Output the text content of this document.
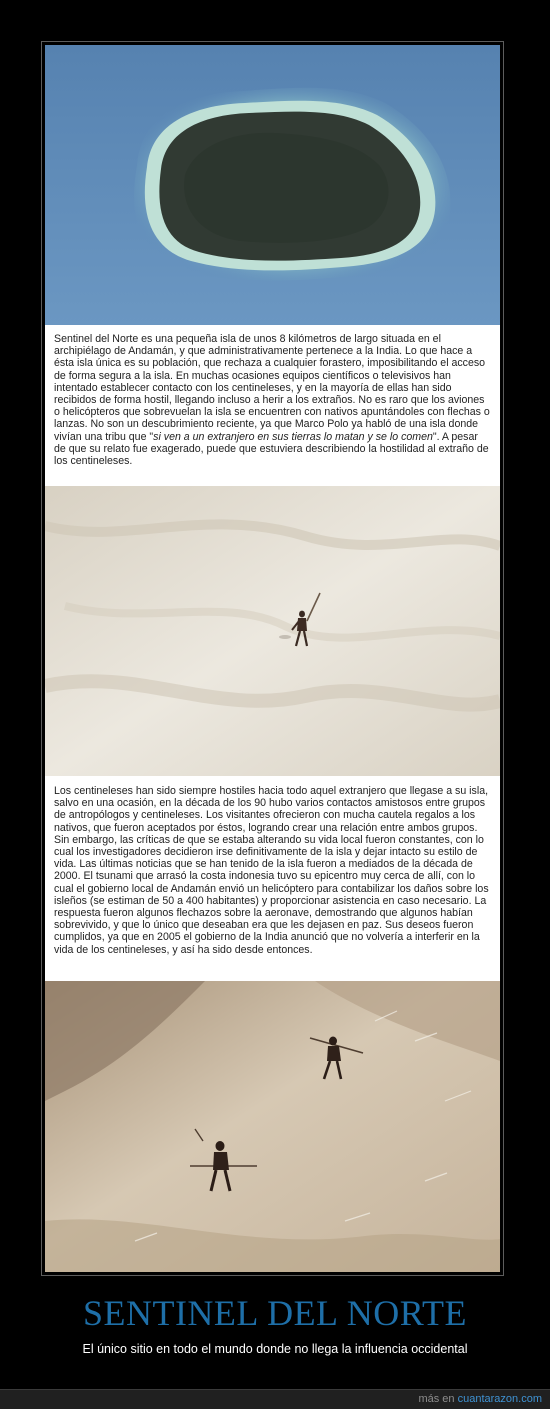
Sentinel del Norte es una pequeña isla de unos 8 kilómetros de largo situada en el archipiélago de Andamán, y que administrativamente pertenece a la India. Lo que hace a ésta isla única es su población, que rechaza a cualquier forastero, imposibilitando el acceso de forma segura a la isla. En muchas ocasiones equipos científicos o televisivos han intentado establecer contacto con los centineleses, y en la mayoría de ellas han sido recibidos de forma hostil, llegando incluso a herir a los extraños. No es raro que los aviones o helicópteros que sobrevuelan la isla se encuentren con nativos apuntándoles con flechas o lanzas. No son un descubrimiento reciente, ya que Marco Polo ya habló de una isla donde vivían una tribu que "si ven a un extranjero en sus tierras lo matan y se lo comen". A pesar de que su relato fue exagerado, puede que estuviera describiendo la hostilidad al extraño de los centineleses.

Los centineleses han sido siempre hostiles hacia todo aquel extranjero que llegase a su isla, salvo en una ocasión, en la década de los 90 hubo varios contactos amistosos entre grupos de antropólogos y centineleses. Los visitantes ofrecieron con mucha cautela regalos a los nativos, que fueron aceptados por éstos, logrando crear una relación entre ambos grupos. Sin embargo, las críticas de que se estaba alterando su vida local fueron constantes, con lo cual los investigadores decidieron irse definitivamente de la isla y dejar intacto su estilo de vida. Las últimas noticias que se han tenido de la isla fueron a mediados de la década de 2000. El tsunami que arrasó la costa indonesia tuvo su epicentro muy cerca de allí, con lo cual el gobierno local de Andamán envió un helicóptero para contabilizar los daños sobre los isleños (se estiman de 50 a 400 habitantes) y proporcionar asistencia en caso necesario. La respuesta fueron algunos flechazos sobre la aeronave, demostrando que algunos habían sobrevivido, y que lo único que deseaban era que les dejasen en paz. Sus deseos fueron cumplidos, ya que en 2005 el gobierno de la India anunció que no volvería a interferir en la vida de los centineleses, y así ha sido desde entonces.

SENTINEL DEL NORTE
El único sitio en todo el mundo donde no llega la influencia occidental
más en cuantarazon.com
